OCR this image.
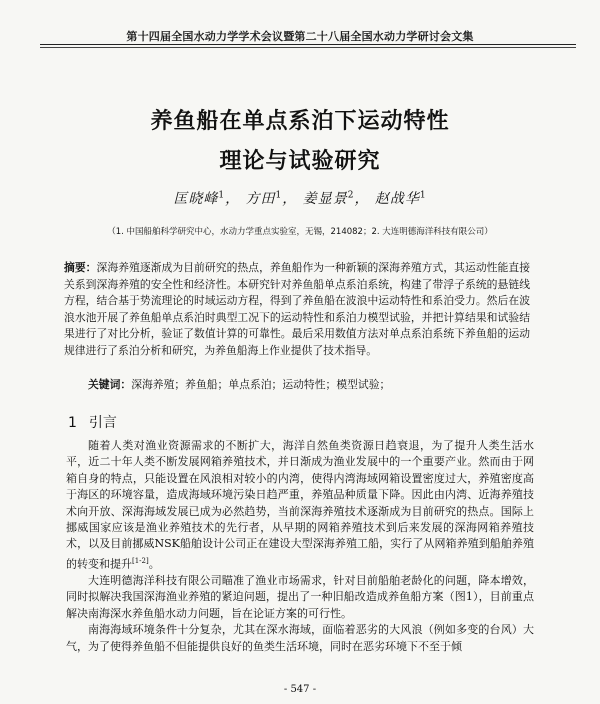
第十四届全国水动力学学术会议暨第二十八届全国水动力学研讨会文集
养鱼船在单点系泊下运动特性
理论与试验研究
匡晓峰$^1$， 方田$^1$， 姜显景$^2$， 赵战华$^1$
（1. 中国船舶科学研究中心，水动力学重点实验室，无锡，214082；2. 大连明德海洋科技有限公司）
摘要：深海养殖逐渐成为目前研究的热点，养鱼船作为一种新颖的深海养殖方式，其运动性能直接关系到深海养殖的安全性和经济性。本研究针对养鱼船单点系泊系统，构建了带浮子系统的悬链线方程，结合基于势流理论的时域运动方程，得到了养鱼船在波浪中运动特性和系泊受力。然后在波浪水池开展了养鱼船单点系泊时典型工况下的运动特性和系泊力模型试验，并把计算结果和试验结果进行了对比分析，验证了数值计算的可靠性。最后采用数值方法对单点系泊系统下养鱼船的运动规律进行了系泊分析和研究，为养鱼船海上作业提供了技术指导。
关键词：深海养殖；养鱼船；单点系泊；运动特性；模型试验；
1 引言

随着人类对渔业资源需求的不断扩大，海洋自然鱼类资源日趋衰退，为了提升人类生活水平，近二十年人类不断发展网箱养殖技术，并日渐成为渔业发展中的一个重要产业。然而由于网箱自身的特点，只能设置在风浪相对较小的内湾，使得内湾海域网箱设置密度过大，养殖密度高于海区的环境容量，造成海域环境污染日趋严重，养殖品种质量下降。因此由内湾、近海养殖技术向开放、深海海域发展已成为必然趋势，当前深海养殖技术逐渐成为目前研究的热点。国际上挪威国家应该是渔业养殖技术的先行者，从早期的网箱养殖技术到后来发展的深海网箱养殖技术，以及目前挪威NSK船舶设计公司正在建设大型深海养殖工船，实行了从网箱养殖到船舶养殖的转变和提升[1-2]。

大连明德海洋科技有限公司瞄准了渔业市场需求，针对目前船舶老龄化的问题，降本增效，同时拟解决我国深海渔业养殖的紧迫问题，提出了一种旧船改造成养鱼船方案（图1），目前重点解决南海深水养鱼船水动力问题，旨在论证方案的可行性。

南海海域环境条件十分复杂，尤其在深水海域，面临着恶劣的大风浪（例如多变的台风）大气，为了使得养鱼船不但能提供良好的鱼类生活环境，同时在恶劣环境下不至于倾

- 547 -
